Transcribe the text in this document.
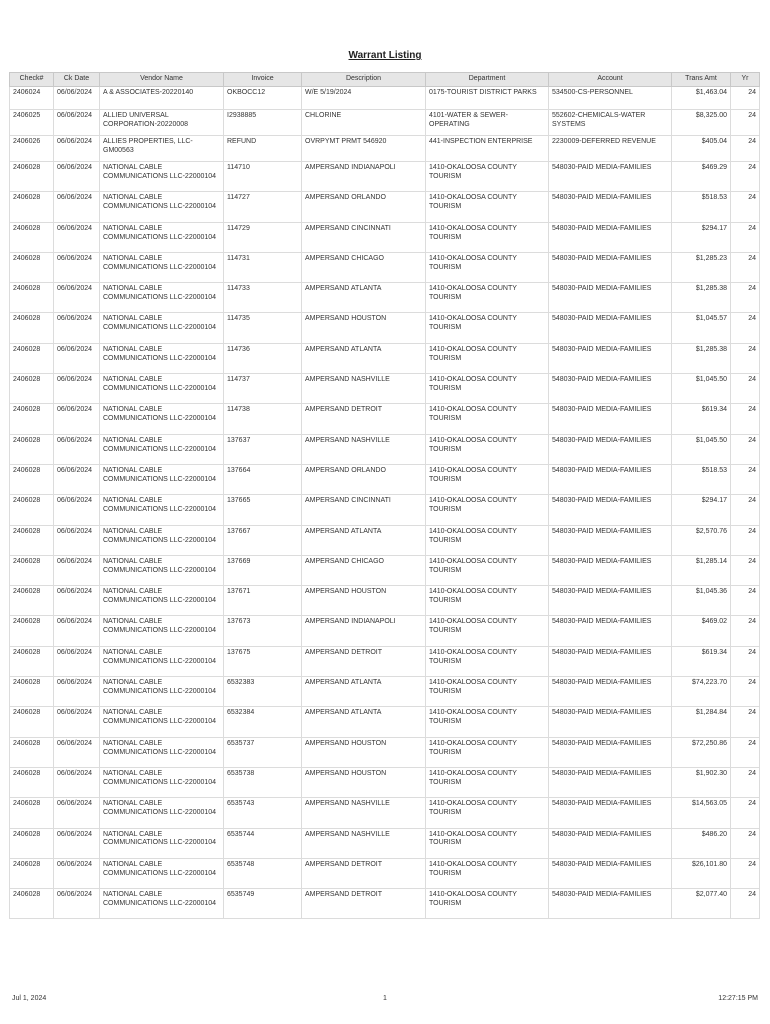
Warrant Listing
Check#	Ck Date	Vendor Name	Invoice	Description	Department	Account	Trans Amt	Yr
2406024	06/06/2024	A & ASSOCIATES-20220140	OKBOCC12	W/E 5/19/2024	0175-TOURIST DISTRICT PARKS	534500-CS-PERSONNEL	$1,463.04	24
2406025	06/06/2024	ALLIED UNIVERSAL CORPORATION-20220008	I2938885	CHLORINE	4101-WATER & SEWER-OPERATING	552602-CHEMICALS-WATER SYSTEMS	$8,325.00	24
2406026	06/06/2024	ALLIES PROPERTIES, LLC-GM00563	REFUND	OVRPYMT PRMT 546920	441-INSPECTION ENTERPRISE	2230009-DEFERRED REVENUE	$405.04	24
2406028	06/06/2024	NATIONAL CABLE COMMUNICATIONS LLC-22000104	114710	AMPERSAND INDIANAPOLI	1410-OKALOOSA COUNTY TOURISM	548030-PAID MEDIA-FAMILIES	$469.29	24
2406028	06/06/2024	NATIONAL CABLE COMMUNICATIONS LLC-22000104	114727	AMPERSAND ORLANDO	1410-OKALOOSA COUNTY TOURISM	548030-PAID MEDIA-FAMILIES	$518.53	24
2406028	06/06/2024	NATIONAL CABLE COMMUNICATIONS LLC-22000104	114729	AMPERSAND CINCINNATI	1410-OKALOOSA COUNTY TOURISM	548030-PAID MEDIA-FAMILIES	$294.17	24
2406028	06/06/2024	NATIONAL CABLE COMMUNICATIONS LLC-22000104	114731	AMPERSAND CHICAGO	1410-OKALOOSA COUNTY TOURISM	548030-PAID MEDIA-FAMILIES	$1,285.23	24
2406028	06/06/2024	NATIONAL CABLE COMMUNICATIONS LLC-22000104	114733	AMPERSAND ATLANTA	1410-OKALOOSA COUNTY TOURISM	548030-PAID MEDIA-FAMILIES	$1,285.38	24
2406028	06/06/2024	NATIONAL CABLE COMMUNICATIONS LLC-22000104	114735	AMPERSAND HOUSTON	1410-OKALOOSA COUNTY TOURISM	548030-PAID MEDIA-FAMILIES	$1,045.57	24
2406028	06/06/2024	NATIONAL CABLE COMMUNICATIONS LLC-22000104	114736	AMPERSAND ATLANTA	1410-OKALOOSA COUNTY TOURISM	548030-PAID MEDIA-FAMILIES	$1,285.38	24
2406028	06/06/2024	NATIONAL CABLE COMMUNICATIONS LLC-22000104	114737	AMPERSAND NASHVILLE	1410-OKALOOSA COUNTY TOURISM	548030-PAID MEDIA-FAMILIES	$1,045.50	24
2406028	06/06/2024	NATIONAL CABLE COMMUNICATIONS LLC-22000104	114738	AMPERSAND DETROIT	1410-OKALOOSA COUNTY TOURISM	548030-PAID MEDIA-FAMILIES	$619.34	24
2406028	06/06/2024	NATIONAL CABLE COMMUNICATIONS LLC-22000104	137637	AMPERSAND NASHVILLE	1410-OKALOOSA COUNTY TOURISM	548030-PAID MEDIA-FAMILIES	$1,045.50	24
2406028	06/06/2024	NATIONAL CABLE COMMUNICATIONS LLC-22000104	137664	AMPERSAND ORLANDO	1410-OKALOOSA COUNTY TOURISM	548030-PAID MEDIA-FAMILIES	$518.53	24
2406028	06/06/2024	NATIONAL CABLE COMMUNICATIONS LLC-22000104	137665	AMPERSAND CINCINNATI	1410-OKALOOSA COUNTY TOURISM	548030-PAID MEDIA-FAMILIES	$294.17	24
2406028	06/06/2024	NATIONAL CABLE COMMUNICATIONS LLC-22000104	137667	AMPERSAND ATLANTA	1410-OKALOOSA COUNTY TOURISM	548030-PAID MEDIA-FAMILIES	$2,570.76	24
2406028	06/06/2024	NATIONAL CABLE COMMUNICATIONS LLC-22000104	137669	AMPERSAND CHICAGO	1410-OKALOOSA COUNTY TOURISM	548030-PAID MEDIA-FAMILIES	$1,285.14	24
2406028	06/06/2024	NATIONAL CABLE COMMUNICATIONS LLC-22000104	137671	AMPERSAND HOUSTON	1410-OKALOOSA COUNTY TOURISM	548030-PAID MEDIA-FAMILIES	$1,045.36	24
2406028	06/06/2024	NATIONAL CABLE COMMUNICATIONS LLC-22000104	137673	AMPERSAND INDIANAPOLI	1410-OKALOOSA COUNTY TOURISM	548030-PAID MEDIA-FAMILIES	$469.02	24
2406028	06/06/2024	NATIONAL CABLE COMMUNICATIONS LLC-22000104	137675	AMPERSAND DETROIT	1410-OKALOOSA COUNTY TOURISM	548030-PAID MEDIA-FAMILIES	$619.34	24
2406028	06/06/2024	NATIONAL CABLE COMMUNICATIONS LLC-22000104	6532383	AMPERSAND ATLANTA	1410-OKALOOSA COUNTY TOURISM	548030-PAID MEDIA-FAMILIES	$74,223.70	24
2406028	06/06/2024	NATIONAL CABLE COMMUNICATIONS LLC-22000104	6532384	AMPERSAND ATLANTA	1410-OKALOOSA COUNTY TOURISM	548030-PAID MEDIA-FAMILIES	$1,284.84	24
2406028	06/06/2024	NATIONAL CABLE COMMUNICATIONS LLC-22000104	6535737	AMPERSAND HOUSTON	1410-OKALOOSA COUNTY TOURISM	548030-PAID MEDIA-FAMILIES	$72,250.86	24
2406028	06/06/2024	NATIONAL CABLE COMMUNICATIONS LLC-22000104	6535738	AMPERSAND HOUSTON	1410-OKALOOSA COUNTY TOURISM	548030-PAID MEDIA-FAMILIES	$1,902.30	24
2406028	06/06/2024	NATIONAL CABLE COMMUNICATIONS LLC-22000104	6535743	AMPERSAND NASHVILLE	1410-OKALOOSA COUNTY TOURISM	548030-PAID MEDIA-FAMILIES	$14,563.05	24
2406028	06/06/2024	NATIONAL CABLE COMMUNICATIONS LLC-22000104	6535744	AMPERSAND NASHVILLE	1410-OKALOOSA COUNTY TOURISM	548030-PAID MEDIA-FAMILIES	$486.20	24
2406028	06/06/2024	NATIONAL CABLE COMMUNICATIONS LLC-22000104	6535748	AMPERSAND DETROIT	1410-OKALOOSA COUNTY TOURISM	548030-PAID MEDIA-FAMILIES	$26,101.80	24
2406028	06/06/2024	NATIONAL CABLE COMMUNICATIONS LLC-22000104	6535749	AMPERSAND DETROIT	1410-OKALOOSA COUNTY TOURISM	548030-PAID MEDIA-FAMILIES	$2,077.40	24
Jul 1, 2024	1	12:27:15 PM
